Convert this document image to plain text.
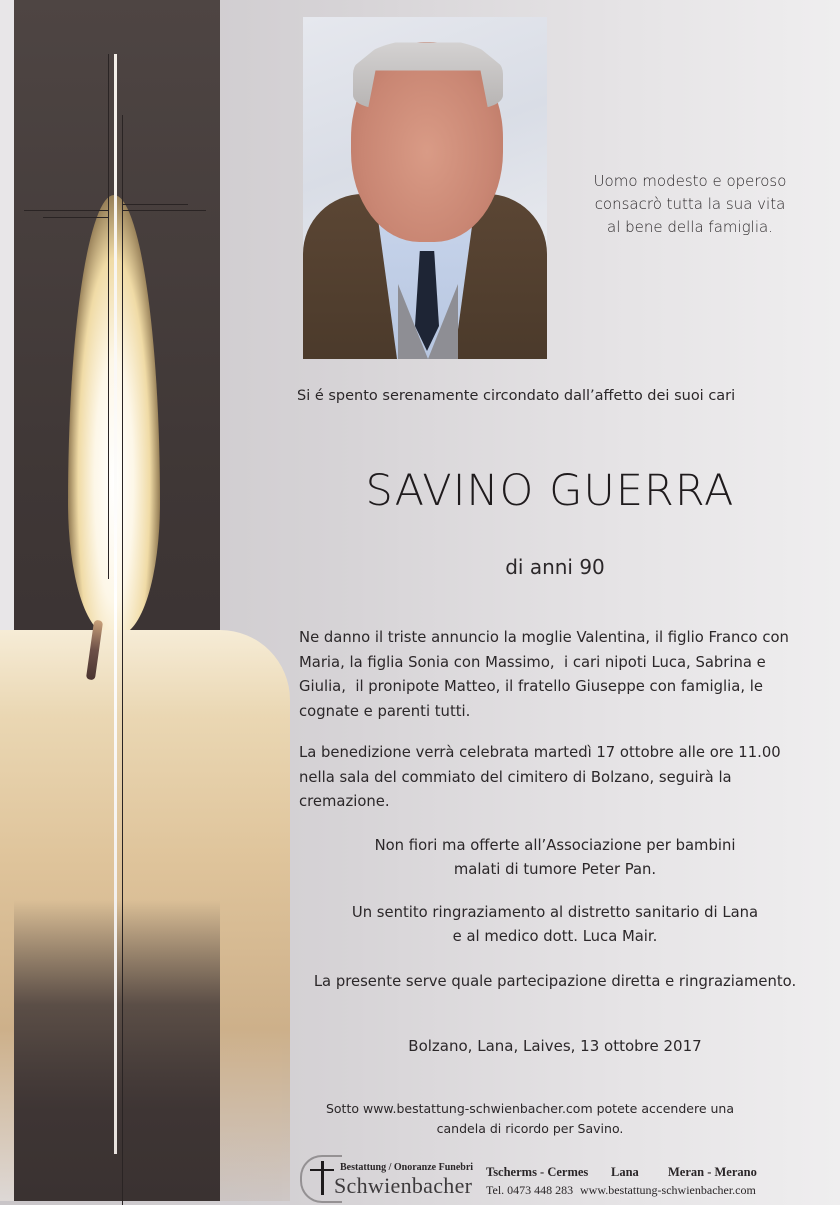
Uomo modesto e operoso
consacrò tutta la sua vita
al bene della famiglia.
Si é spento serenamente circondato dall’affetto dei suoi cari
SAVINO GUERRA
di anni 90
Ne danno il triste annuncio la moglie Valentina, il figlio Franco con
Maria, la figlia Sonia con Massimo,  i cari nipoti Luca, Sabrina e
Giulia,  il pronipote Matteo, il fratello Giuseppe con famiglia, le
cognate e parenti tutti.
La benedizione verrà celebrata martedì 17 ottobre alle ore 11.00
nella sala del commiato del cimitero di Bolzano, seguirà la
cremazione.
Non fiori ma offerte all’Associazione per bambini
malati di tumore Peter Pan.
Un sentito ringraziamento al distretto sanitario di Lana
e al medico dott. Luca Mair.
La presente serve quale partecipazione diretta e ringraziamento.
Bolzano, Lana, Laives, 13 ottobre 2017
Sotto www.bestattung-schwienbacher.com potete accendere una
candela di ricordo per Savino.
Bestattung / Onoranze Funebri
Schwienbacher
Tscherms - Cermes Lana Meran - Merano
Tel. 0473 448 283 www.bestattung-schwienbacher.com
